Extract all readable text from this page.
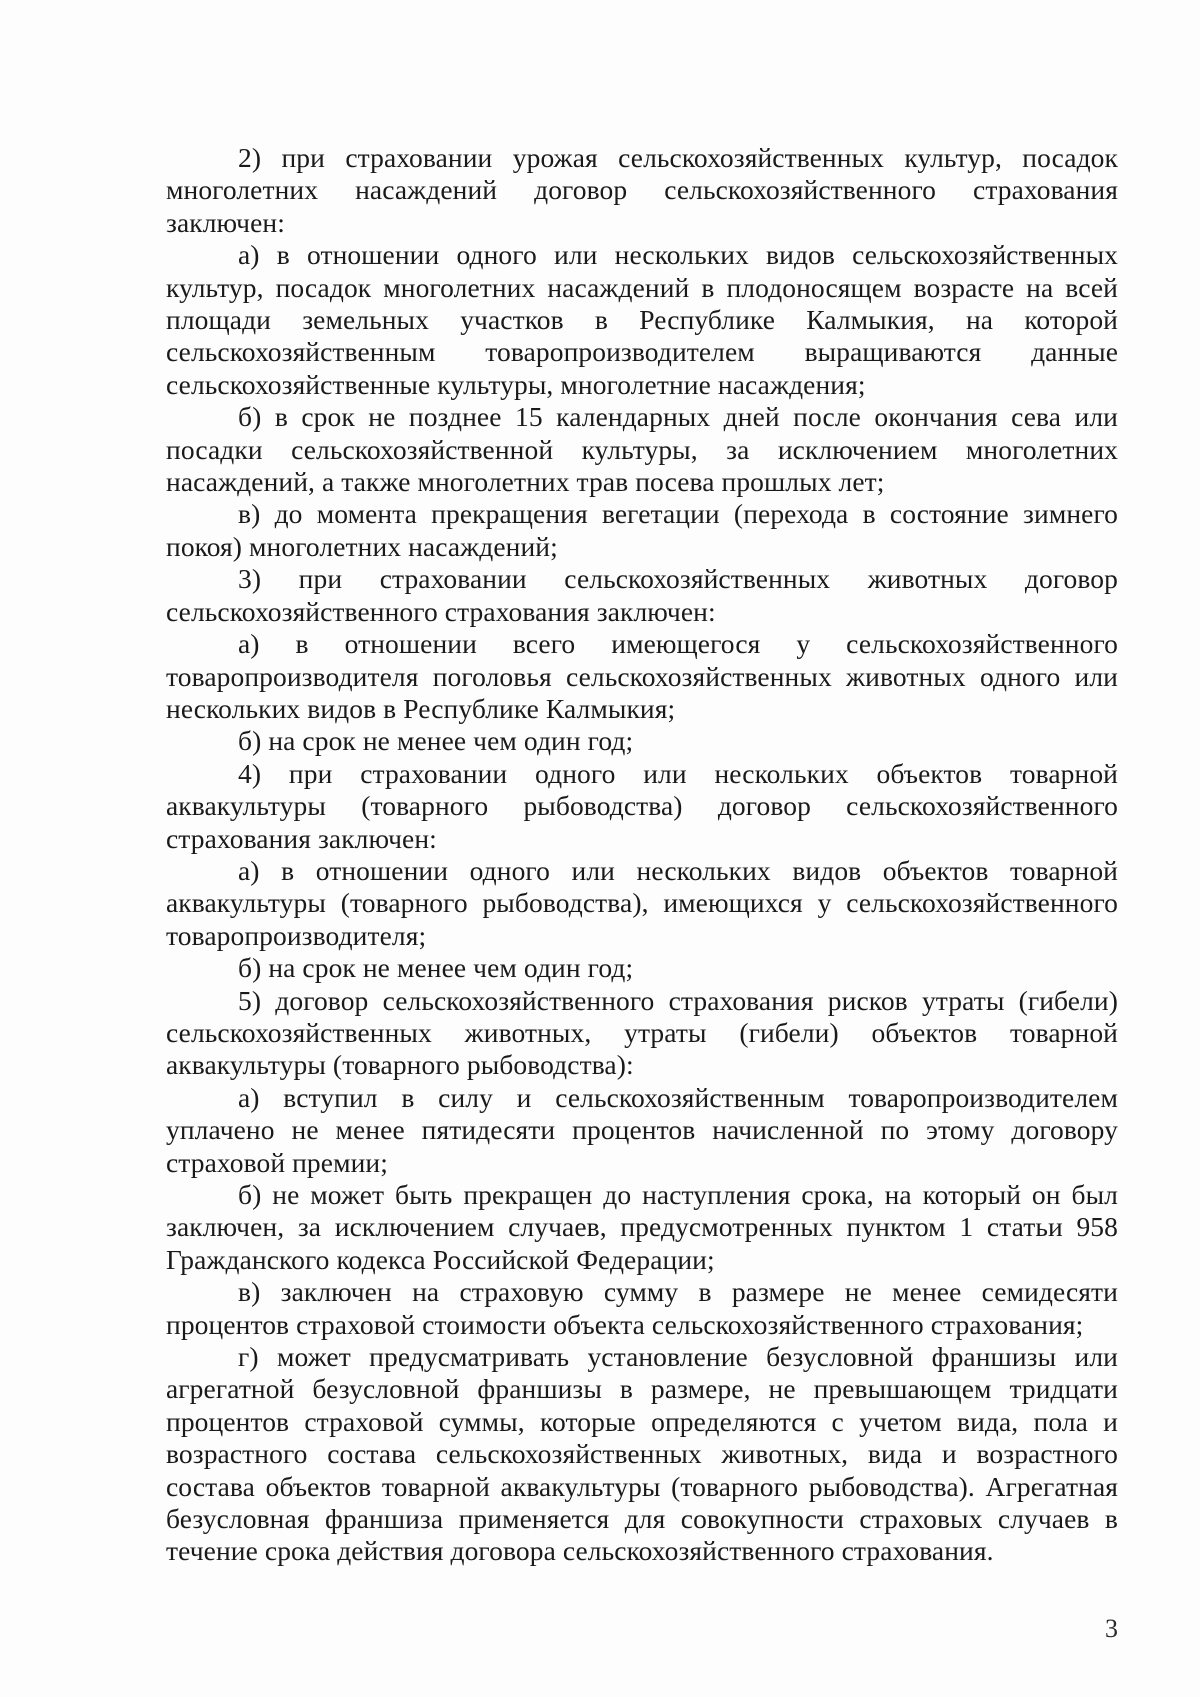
2) при страховании урожая сельскохозяйственных культур, посадок многолетних насаждений договор сельскохозяйственного страхования заключен:

а) в отношении одного или нескольких видов сельскохозяйственных культур, посадок многолетних насаждений в плодоносящем возрасте на всей площади земельных участков в Республике Калмыкия, на которой сельскохозяйственным товаропроизводителем выращиваются данные сельскохозяйственные культуры, многолетние насаждения;

б) в срок не позднее 15 календарных дней после окончания сева или посадки сельскохозяйственной культуры, за исключением многолетних насаждений, а также многолетних трав посева прошлых лет;

в) до момента прекращения вегетации (перехода в состояние зимнего покоя) многолетних насаждений;

3) при страховании сельскохозяйственных животных договор сельскохозяйственного страхования заключен:

а) в отношении всего имеющегося у сельскохозяйственного товаропроизводителя поголовья сельскохозяйственных животных одного или нескольких видов в Республике Калмыкия;

б) на срок не менее чем один год;

4) при страховании одного или нескольких объектов товарной аквакультуры (товарного рыбоводства) договор сельскохозяйственного страхования заключен:

а) в отношении одного или нескольких видов объектов товарной аквакультуры (товарного рыбоводства), имеющихся у сельскохозяйственного товаропроизводителя;

б) на срок не менее чем один год;

5) договор сельскохозяйственного страхования рисков утраты (гибели) сельскохозяйственных животных, утраты (гибели) объектов товарной аквакультуры (товарного рыбоводства):

а) вступил в силу и сельскохозяйственным товаропроизводителем уплачено не менее пятидесяти процентов начисленной по этому договору страховой премии;

б) не может быть прекращен до наступления срока, на который он был заключен, за исключением случаев, предусмотренных пунктом 1 статьи 958 Гражданского кодекса Российской Федерации;

в) заключен на страховую сумму в размере не менее семидесяти процентов страховой стоимости объекта сельскохозяйственного страхования;

г) может предусматривать установление безусловной франшизы или агрегатной безусловной франшизы в размере, не превышающем тридцати процентов страховой суммы, которые определяются с учетом вида, пола и возрастного состава сельскохозяйственных животных, вида и возрастного состава объектов товарной аквакультуры (товарного рыбоводства). Агрегатная безусловная франшиза применяется для совокупности страховых случаев в течение срока действия договора сельскохозяйственного страхования.

3
